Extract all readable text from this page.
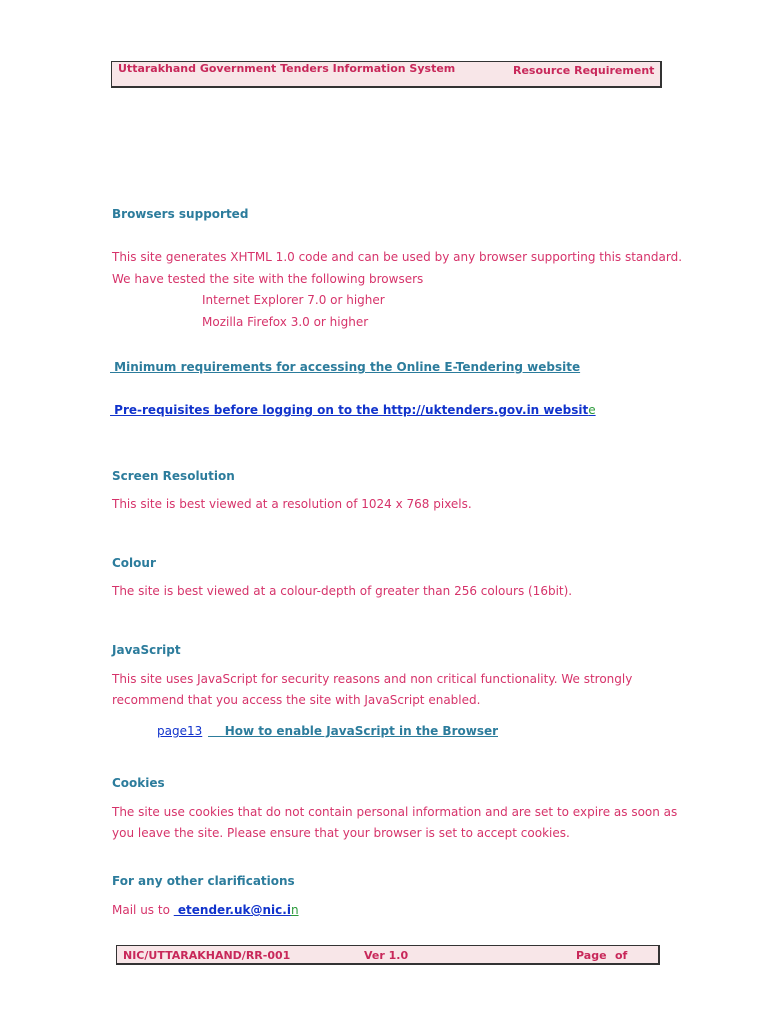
Uttarakhand Government Tenders Information System	Resource Requirement
Browsers supported
This site generates XHTML 1.0 code and can be used by any browser supporting this standard.
We have tested the site with the following browsers
Internet Explorer 7.0 or higher
Mozilla Firefox 3.0 or higher
Minimum requirements for accessing the Online E-Tendering website
Pre-requisites before logging on to the http://uktenders.gov.in website
Screen Resolution
This site is best viewed at a resolution of 1024 x 768 pixels.
Colour
The site is best viewed at a colour-depth of greater than 256 colours (16bit).
JavaScript
This site uses JavaScript for security reasons and non critical functionality. We strongly
recommend that you access the site with JavaScript enabled.
page13 How to enable JavaScript in the Browser
Cookies
The site use cookies that do not contain personal information and are set to expire as soon as
you leave the site. Please ensure that your browser is set to accept cookies.
For any other clarifications
Mail us to  etender.uk@nic.in
NIC/UTTARAKHAND/RR-001	Ver 1.0	Page of
